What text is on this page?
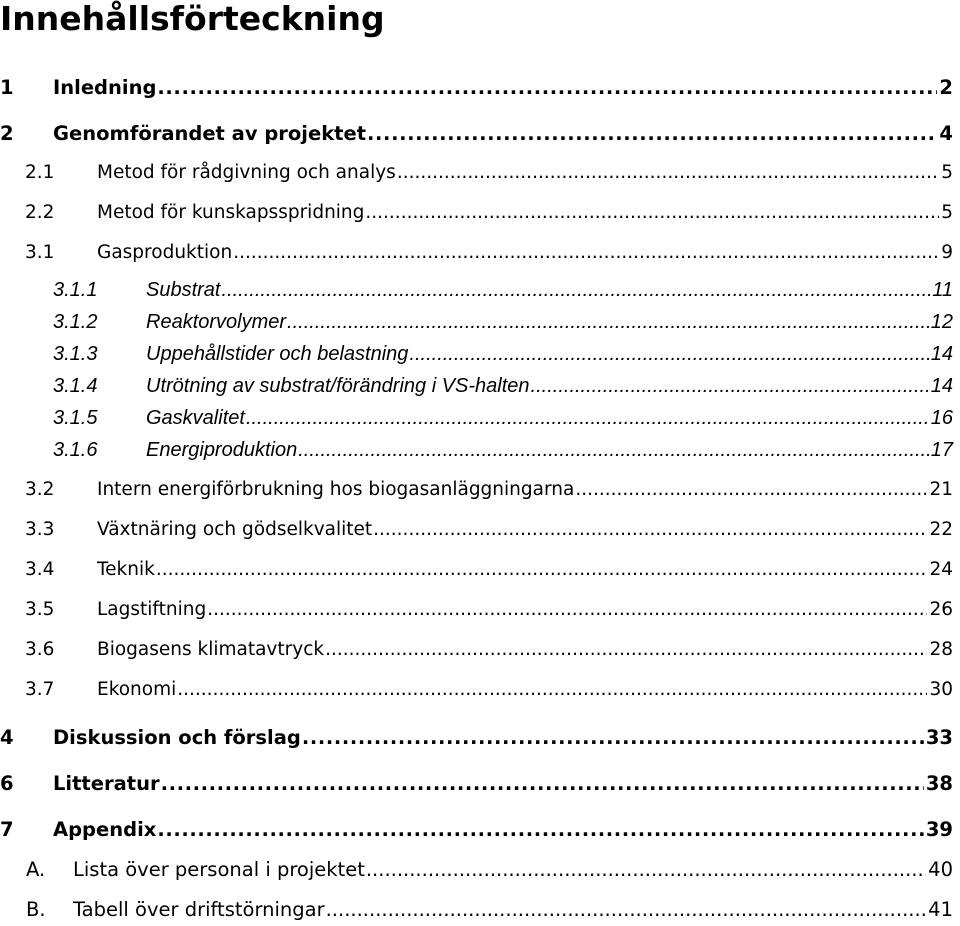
Innehållsförteckning
1	Inledning .....	2
2	Genomförandet av projektet .....	4
2.1	Metod för rådgivning och analys .....	5
2.2	Metod för kunskapsspridning .....	5
3.1	Gasproduktion .....	9
3.1.1	Substrat .....	11
3.1.2	Reaktorvolymer .....	12
3.1.3	Uppehållstider och belastning .....	14
3.1.4	Utrötning av substrat/förändring i VS-halten .....	14
3.1.5	Gaskvalitet .....	16
3.1.6	Energiproduktion .....	17
3.2	Intern energiförbrukning hos biogasanläggningarna .....	21
3.3	Växtnäring och gödselkvalitet .....	22
3.4	Teknik .....	24
3.5	Lagstiftning .....	26
3.6	Biogasens klimatavtryck .....	28
3.7	Ekonomi .....	30
4	Diskussion och förslag .....	33
6	Litteratur .....	38
7	Appendix .....	39
A.	Lista över personal i projektet .....	40
B.	Tabell över driftstörningar .....	41
